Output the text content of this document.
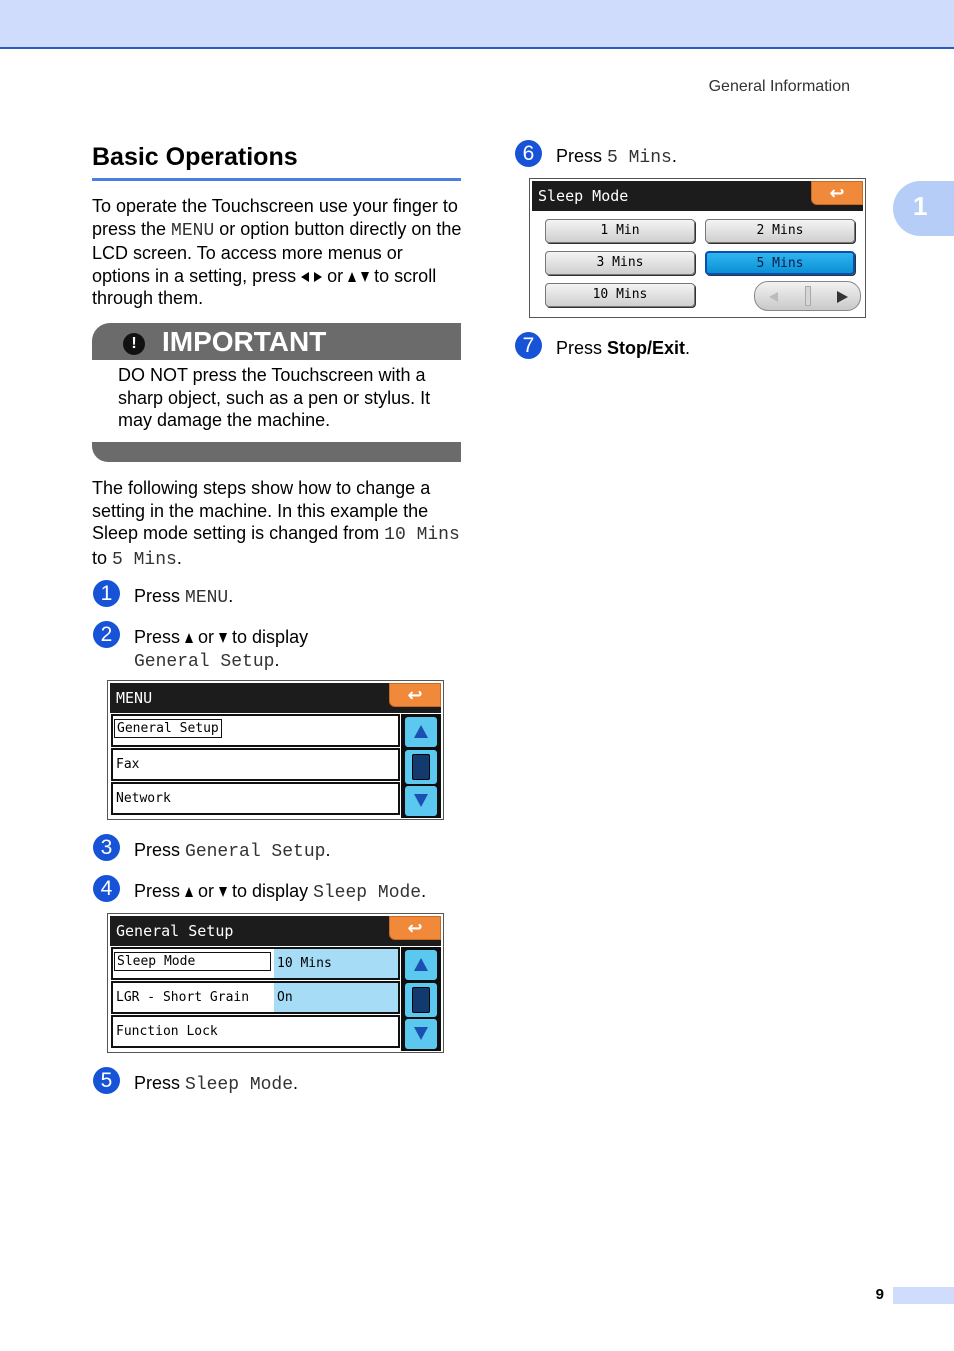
General Information
1
Basic Operations

To operate the Touchscreen use your finger to press the MENU or option button directly on the LCD screen. To access more menus or options in a setting, press   or   to scroll through them.

! IMPORTANT

DO NOT press the Touchscreen with a sharp object, such as a pen or stylus. It may damage the machine.

The following steps show how to change a setting in the machine. In this example the Sleep mode setting is changed from 10 Mins to 5 Mins.

1	Press MENU.
2	Press  or  to display
General Setup.
MENU	↩
General Setup
Fax
Network
3	Press General Setup.
4	Press  or  to display Sleep Mode.
General Setup	↩
Sleep Mode	10 Mins
LGR - Short Grain On
Function Lock
5	Press Sleep Mode.
6	Press 5 Mins.
Sleep Mode	↩
1 Min	2 Mins
3 Mins	5 Mins
10 Mins
7	Press Stop/Exit.
9
